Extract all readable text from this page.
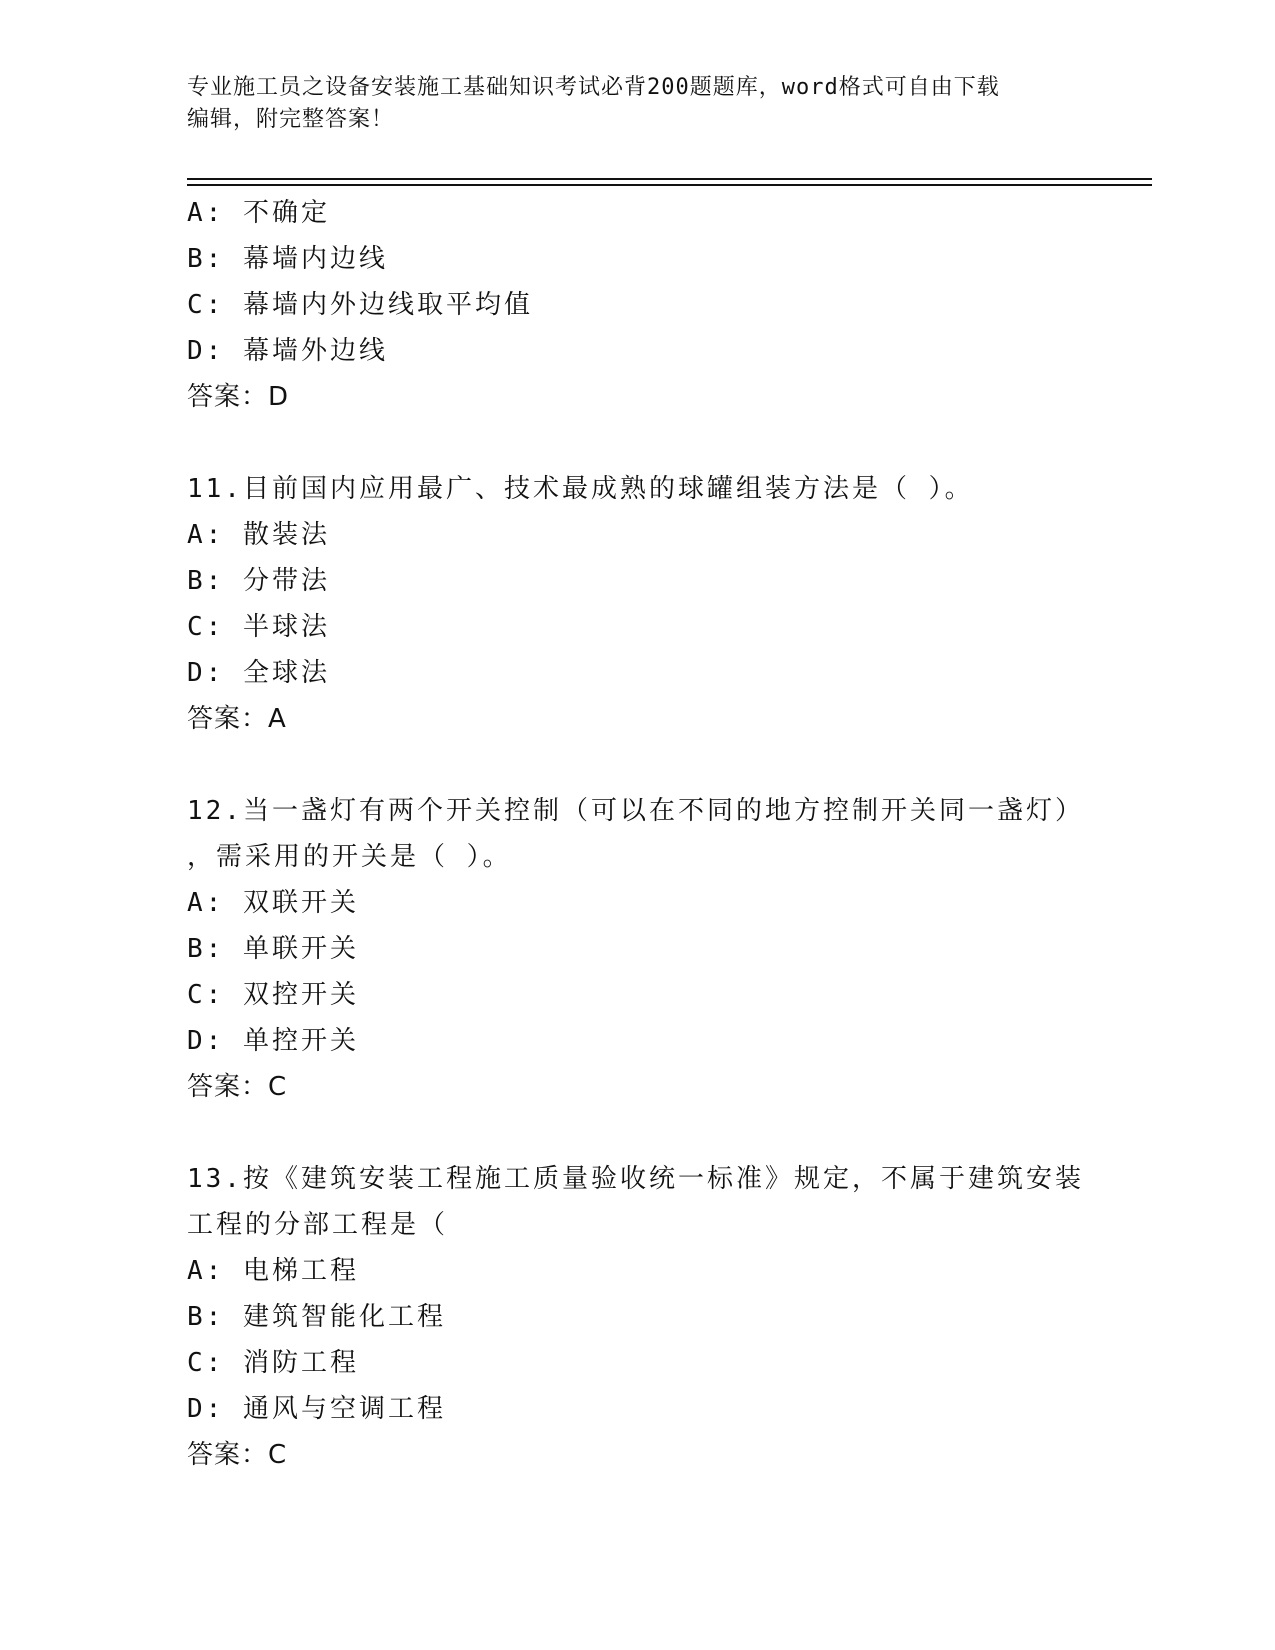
专业施工员之设备安装施工基础知识考试必背200题题库，word格式可自由下载
编辑，附完整答案！
A: 不确定
B: 幕墙内边线
C: 幕墙内外边线取平均值
D: 幕墙外边线
答案：D
11.目前国内应用最广、技术最成熟的球罐组装方法是（ ）。
A: 散装法
B: 分带法
C: 半球法
D: 全球法
答案：A
12.当一盏灯有两个开关控制（可以在不同的地方控制开关同一盏灯）
，需采用的开关是（ ）。
A: 双联开关
B: 单联开关
C: 双控开关
D: 单控开关
答案：C
13.按《建筑安装工程施工质量验收统一标准》规定，不属于建筑安装
工程的分部工程是（
A: 电梯工程
B: 建筑智能化工程
C: 消防工程
D: 通风与空调工程
答案：C
